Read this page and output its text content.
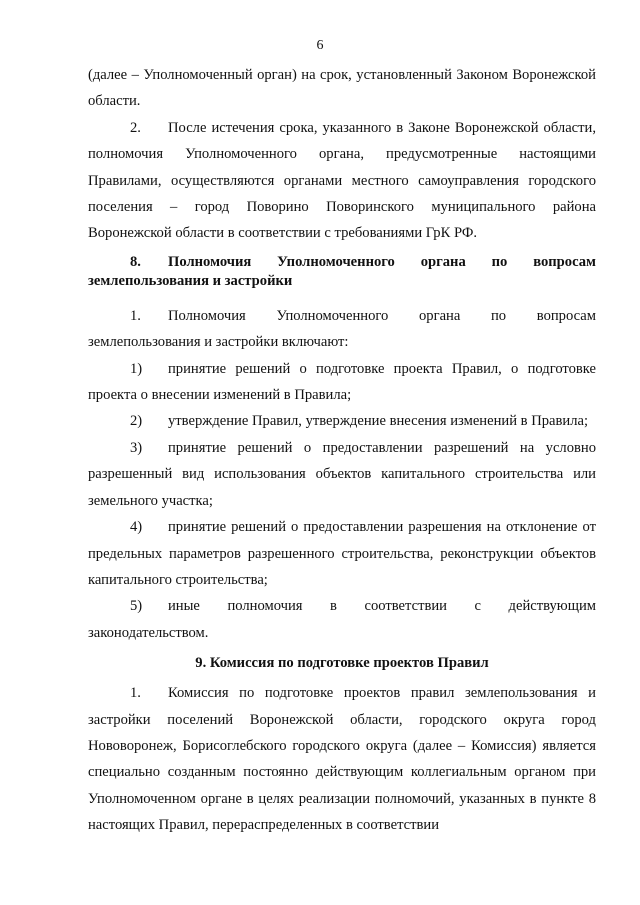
6

(далее – Уполномоченный орган) на срок, установленный Законом Воронежской области.

2. После истечения срока, указанного в Законе Воронежской области, полномочия Уполномоченного органа, предусмотренные настоящими Правилами, осуществляются органами местного самоуправления городского поселения – город Поворино Поворинского муниципального района Воронежской области в соответствии с требованиями ГрК РФ.

8. Полномочия Уполномоченного органа по вопросам землепользования и застройки

1. Полномочия Уполномоченного органа по вопросам землепользования и застройки включают:

1) принятие решений о подготовке проекта Правил, о подготовке проекта о внесении изменений в Правила;

2) утверждение Правил, утверждение внесения изменений в Правила;

3) принятие решений о предоставлении разрешений на условно разрешенный вид использования объектов капитального строительства или земельного участка;

4) принятие решений о предоставлении разрешения на отклонение от предельных параметров разрешенного строительства, реконструкции объектов капитального строительства;

5) иные полномочия в соответствии с действующим законодательством.

9. Комиссия по подготовке проектов Правил

1. Комиссия по подготовке проектов правил землепользования и застройки поселений Воронежской области, городского округа город Нововоронеж, Борисоглебского городского округа (далее – Комиссия) является специально созданным постоянно действующим коллегиальным органом при Уполномоченном органе в целях реализации полномочий, указанных в пункте 8 настоящих Правил, перераспределенных в соответствии
